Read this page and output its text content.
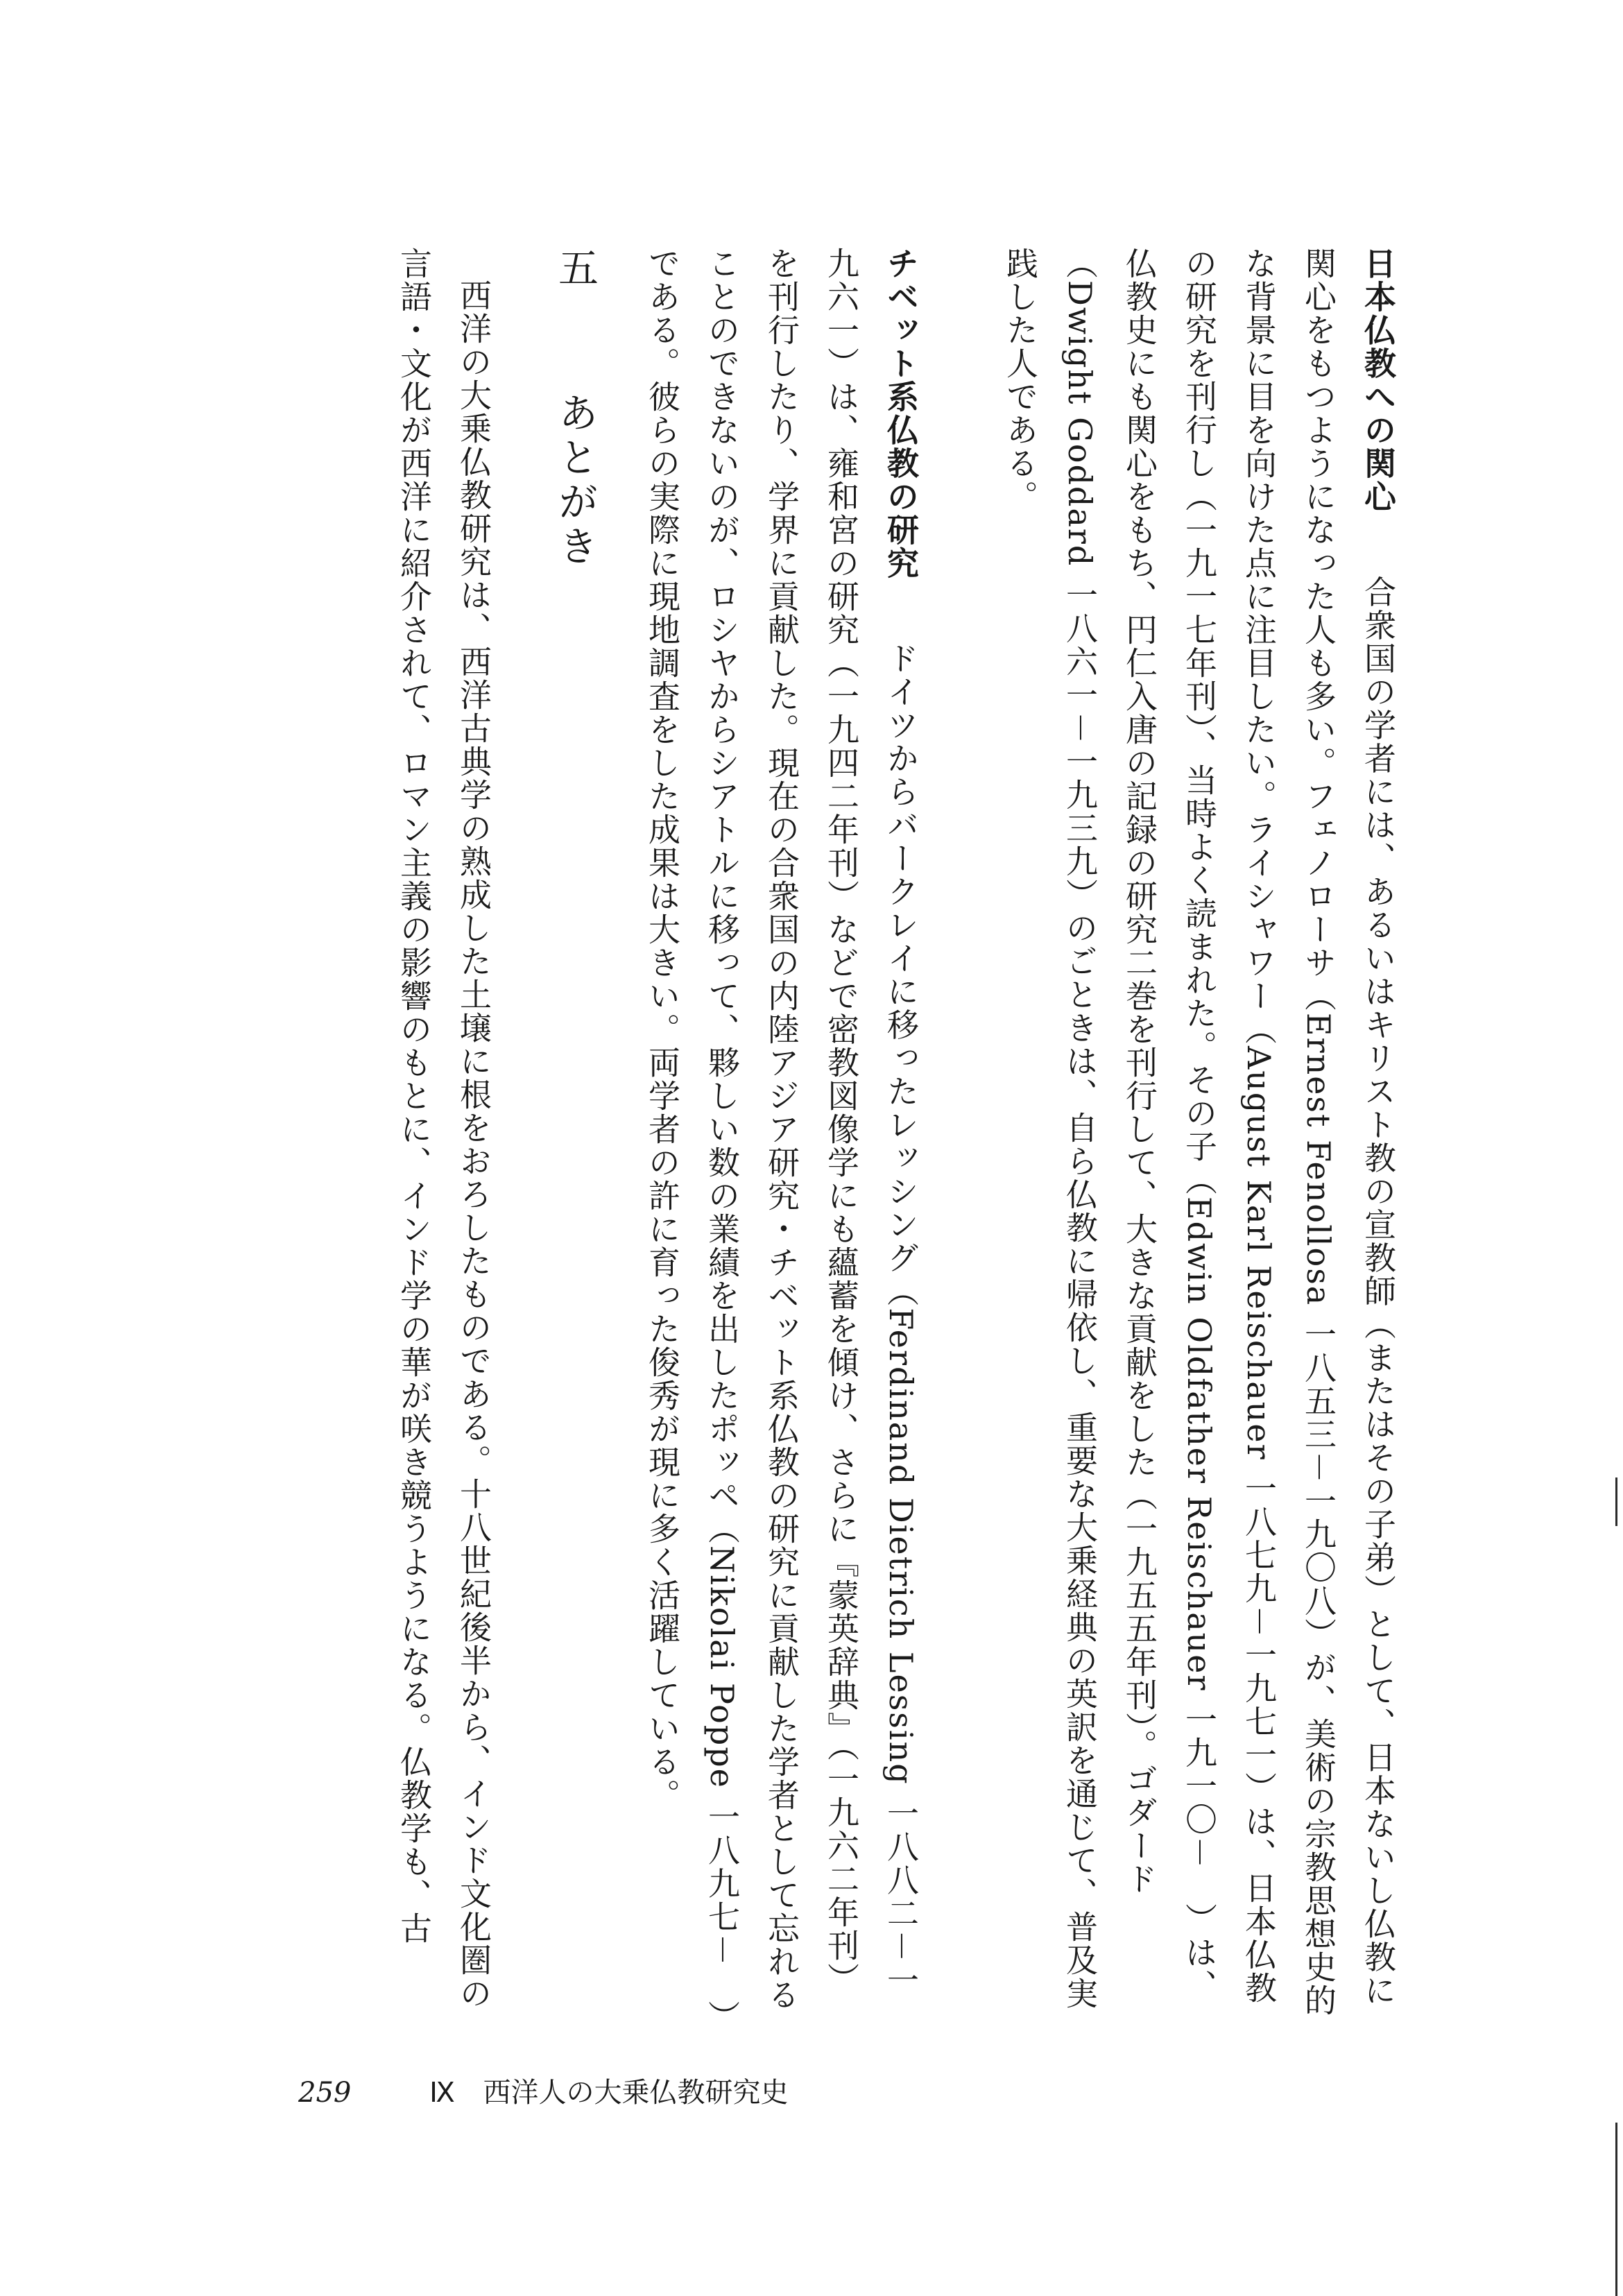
日本仏教への関心　合衆国の学者には、あるいはキリスト教の宣教師（またはその子弟）として、日本ないし仏教に関心をもつようになった人も多い。フェノローサ（Ernest Fenollosa 一八五三－一九〇八）が、美術の宗教思想史的な背景に目を向けた点に注目したい。ライシャワー（August Karl Reischauer 一八七九－一九七一）は、日本仏教の研究を刊行し（一九一七年刊）、当時よく読まれた。その子（Edwin Oldfather Reischauer 一九一〇－　）は、仏教史にも関心をもち、円仁入唐の記録の研究二巻を刊行して、大きな貢献をした（一九五五年刊）。ゴダード（Dwight Goddard 一八六一－一九三九）のごときは、自ら仏教に帰依し、重要な大乗経典の英訳を通じて、普及実践した人である。

チベット系仏教の研究　ドイツからバークレイに移ったレッシング（Ferdinand Dietrich Lessing 一八八二－一九六一）は、雍和宮の研究（一九四二年刊）などで密教図像学にも蘊蓄を傾け、さらに『蒙英辞典』（一九六二年刊）を刊行したり、学界に貢献した。現在の合衆国の内陸アジア研究・チベット系仏教の研究に貢献した学者として忘れることのできないのが、ロシヤからシアトルに移って、夥しい数の業績を出したポッペ（Nikolai Poppe 一八九七－　）である。彼らの実際に現地調査をした成果は大きい。両学者の許に育った俊秀が現に多く活躍している。

五　あとがき

西洋の大乗仏教研究は、西洋古典学の熟成した土壌に根をおろしたものである。十八世紀後半から、インド文化圏の言語・文化が西洋に紹介されて、ロマン主義の影響のもとに、インド学の華が咲き競うようになる。仏教学も、古

259	Ⅸ 西洋人の大乗仏教研究史
